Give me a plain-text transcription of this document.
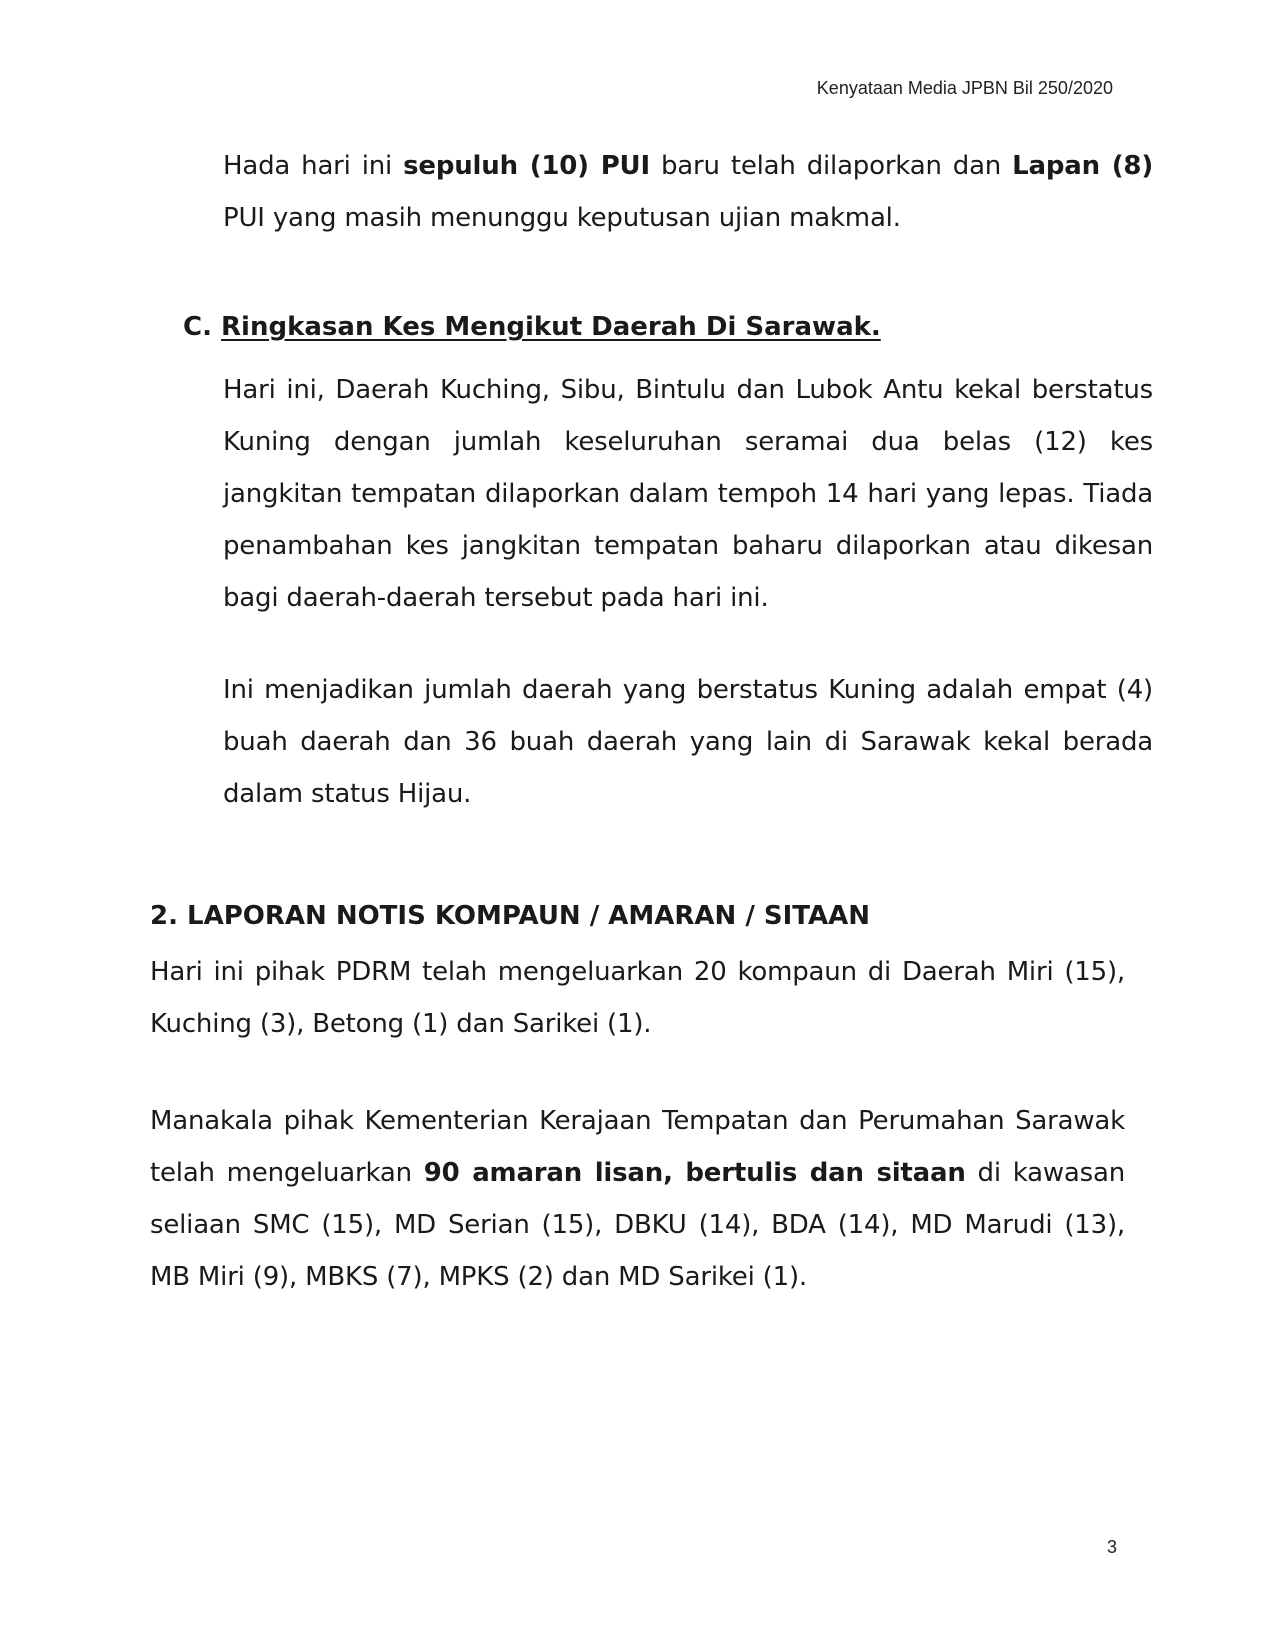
Kenyataan Media JPBN Bil 250/2020

Hada hari ini sepuluh (10) PUI baru telah dilaporkan dan Lapan (8) PUI yang masih menunggu keputusan ujian makmal.

C. Ringkasan Kes Mengikut Daerah Di Sarawak.

Hari ini, Daerah Kuching, Sibu, Bintulu dan Lubok Antu kekal berstatus Kuning dengan jumlah keseluruhan seramai dua belas (12) kes jangkitan tempatan dilaporkan dalam tempoh 14 hari yang lepas. Tiada penambahan kes jangkitan tempatan baharu dilaporkan atau dikesan bagi daerah-daerah tersebut pada hari ini.

Ini menjadikan jumlah daerah yang berstatus Kuning adalah empat (4) buah daerah dan 36 buah daerah yang lain di Sarawak kekal berada dalam status Hijau.

2. LAPORAN NOTIS KOMPAUN / AMARAN / SITAAN

Hari ini pihak PDRM telah mengeluarkan 20 kompaun di Daerah Miri (15), Kuching (3), Betong (1) dan Sarikei (1).

Manakala pihak Kementerian Kerajaan Tempatan dan Perumahan Sarawak telah mengeluarkan 90 amaran lisan, bertulis dan sitaan di kawasan seliaan SMC (15), MD Serian (15), DBKU (14), BDA (14), MD Marudi (13), MB Miri (9), MBKS (7), MPKS (2) dan MD Sarikei (1).

3
